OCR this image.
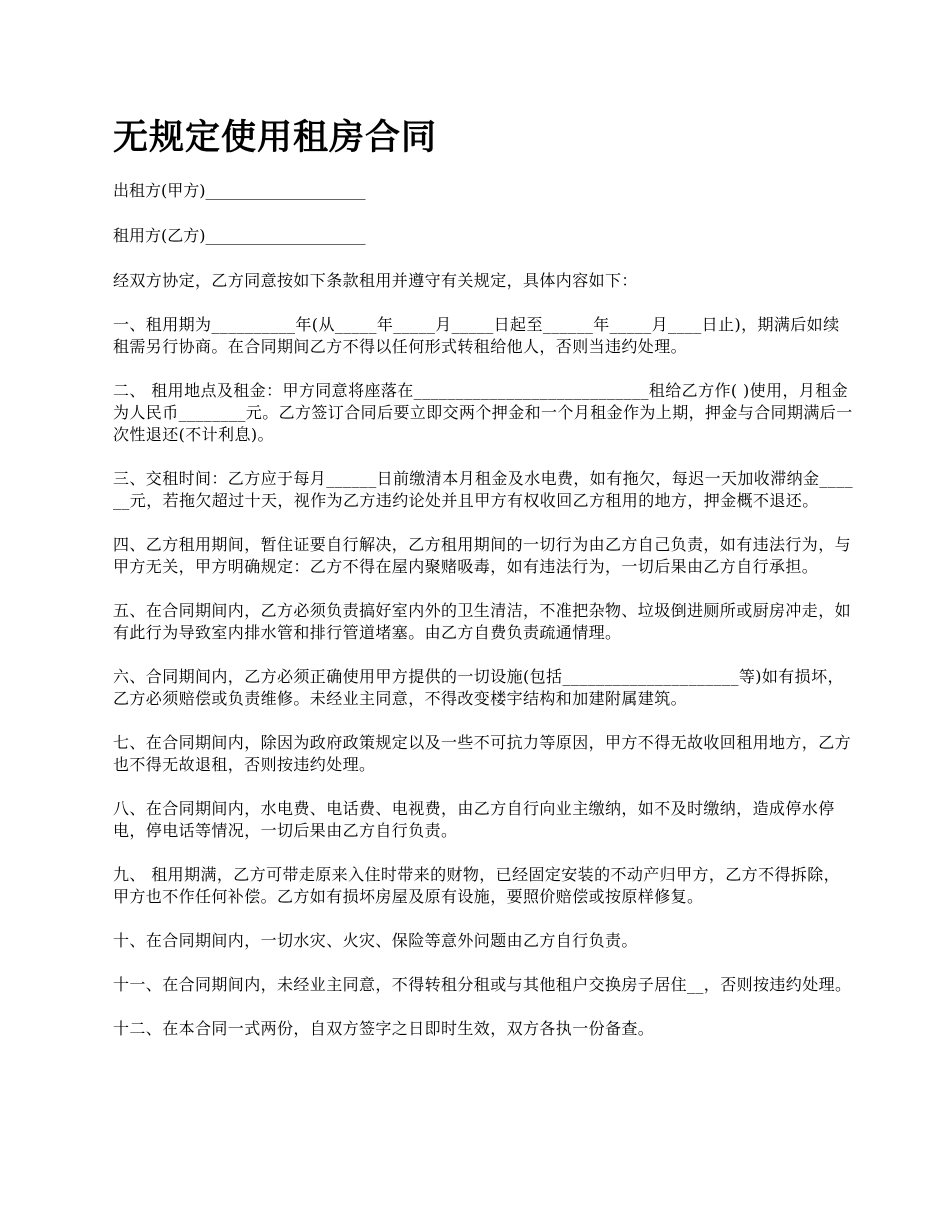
无规定使用租房合同

出租方(甲方)____________________

租用方(乙方)____________________

经双方协定，乙方同意按如下条款租用并遵守有关规定，具体内容如下：

一、租用期为__________年(从_____年_____月_____日起至______年_____月____日止)，期满后如续租需另行协商。在合同期间乙方不得以任何形式转租给他人，否则当违约处理。

二、 租用地点及租金：甲方同意将座落在____________________________租给乙方作( )使用，月租金为人民币________元。乙方签订合同后要立即交两个押金和一个月租金作为上期，押金与合同期满后一次性退还(不计利息)。

三、交租时间：乙方应于每月______日前缴清本月租金及水电费，如有拖欠，每迟一天加收滞纳金______元，若拖欠超过十天，视作为乙方违约论处并且甲方有权收回乙方租用的地方，押金概不退还。

四、乙方租用期间，暂住证要自行解决，乙方租用期间的一切行为由乙方自己负责，如有违法行为，与甲方无关，甲方明确规定：乙方不得在屋内聚赌吸毒，如有违法行为，一切后果由乙方自行承担。

五、在合同期间内，乙方必须负责搞好室内外的卫生清洁，不准把杂物、垃圾倒进厕所或厨房冲走，如有此行为导致室内排水管和排行管道堵塞。由乙方自费负责疏通情理。

六、合同期间内，乙方必须正确使用甲方提供的一切设施(包括_____________________等)如有损坏，乙方必须赔偿或负责维修。未经业主同意，不得改变楼宇结构和加建附属建筑。

七、在合同期间内，除因为政府政策规定以及一些不可抗力等原因，甲方不得无故收回租用地方，乙方也不得无故退租，否则按违约处理。

八、在合同期间内，水电费、电话费、电视费，由乙方自行向业主缴纳，如不及时缴纳，造成停水停电，停电话等情况，一切后果由乙方自行负责。

九、 租用期满，乙方可带走原来入住时带来的财物，已经固定安装的不动产归甲方，乙方不得拆除，甲方也不作任何补偿。乙方如有损坏房屋及原有设施，要照价赔偿或按原样修复。

十、在合同期间内，一切水灾、火灾、保险等意外问题由乙方自行负责。

十一、在合同期间内，未经业主同意，不得转租分租或与其他租户交换房子居住__，否则按违约处理。

十二、在本合同一式两份，自双方签字之日即时生效，双方各执一份备查。
